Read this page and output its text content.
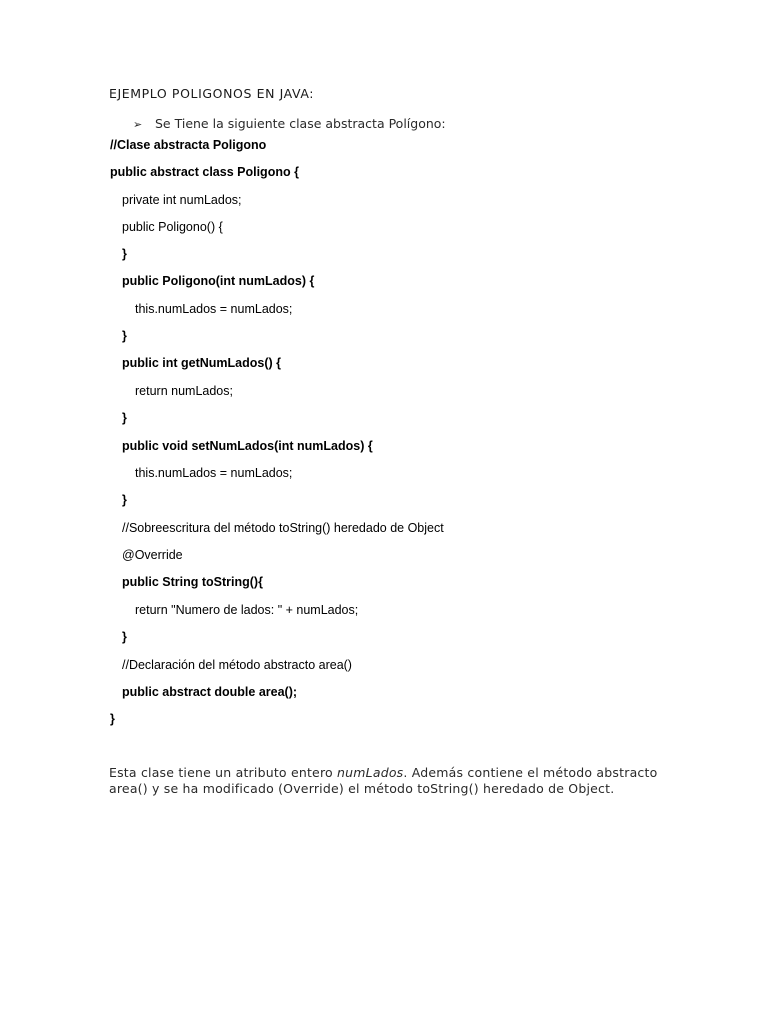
EJEMPLO POLIGONOS EN JAVA:
➢ Se Tiene la siguiente clase abstracta Polígono:
//Clase abstracta Poligono
public abstract class Poligono {
private int numLados;
public Poligono() {
}
public Poligono(int numLados) {
this.numLados = numLados;
}
public int getNumLados() {
return numLados;
}
public void setNumLados(int numLados) {
this.numLados = numLados;
}
//Sobreescritura del método toString() heredado de Object
@Override
public String toString(){
return "Numero de lados: " + numLados;
}
//Declaración del método abstracto area()
public abstract double area();
}
Esta clase tiene un atributo entero numLados. Además contiene el método abstracto area() y se ha modificado (Override) el método toString() heredado de Object.
